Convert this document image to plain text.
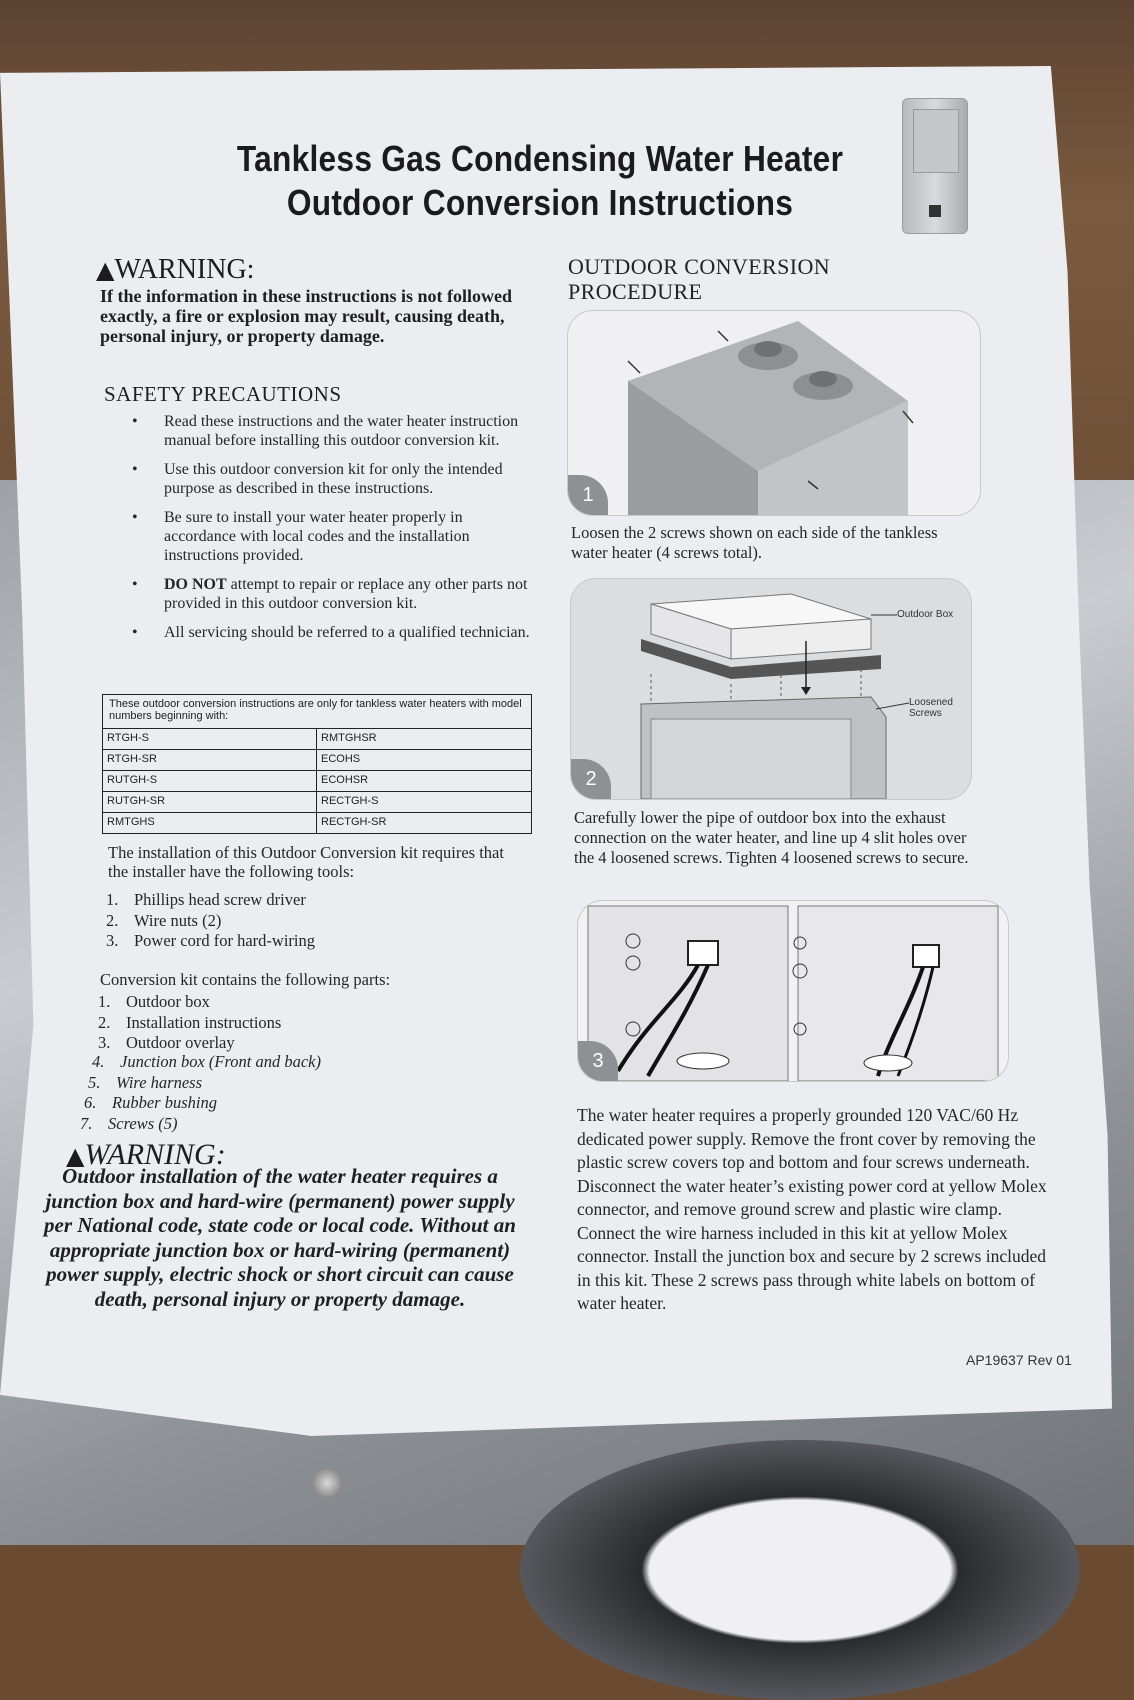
Tankless Gas Condensing Water Heater
Outdoor Conversion Instructions
▲WARNING:
If the information in these instructions is not followed exactly, a fire or explosion may result, causing death, personal injury, or property damage.
SAFETY PRECAUTIONS
• Read these instructions and the water heater instruction manual before installing this outdoor conversion kit.
• Use this outdoor conversion kit for only the intended purpose as described in these instructions.
• Be sure to install your water heater properly in accordance with local codes and the installation instructions provided.
• DO NOT attempt to repair or replace any other parts not provided in this outdoor conversion kit.
• All servicing should be referred to a qualified technician.
These outdoor conversion instructions are only for tankless water heaters with model numbers beginning with:
RTGH-S	RMTGHSR
RTGH-SR	ECOHS
RUTGH-S	ECOHSR
RUTGH-SR	RECTGH-S
RMTGHS	RECTGH-SR
The installation of this Outdoor Conversion kit requires that the installer have the following tools:
1. Phillips head screw driver
2. Wire nuts (2)
3. Power cord for hard-wiring
Conversion kit contains the following parts:
1. Outdoor box
2. Installation instructions
3. Outdoor overlay
4. Junction box (Front and back)
5. Wire harness
6. Rubber bushing
7. Screws (5)
▲WARNING:
Outdoor installation of the water heater requires a junction box and hard-wire (permanent) power supply per National code, state code or local code. Without an appropriate junction box or hard-wiring (permanent) power supply, electric shock or short circuit can cause death, personal injury or property damage.
OUTDOOR CONVERSION
PROCEDURE
1
Loosen the 2 screws shown on each side of the tankless water heater (4 screws total).
Outdoor Box
Loosened
Screws
2
Carefully lower the pipe of outdoor box into the exhaust connection on the water heater, and line up 4 slit holes over the 4 loosened screws. Tighten 4 loosened screws to secure.
3
The water heater requires a properly grounded 120 VAC/60 Hz dedicated power supply. Remove the front cover by removing the plastic screw covers top and bottom and four screws underneath. Disconnect the water heater’s existing power cord at yellow Molex connector, and remove ground screw and plastic wire clamp. Connect the wire harness included in this kit at yellow Molex connector. Install the junction box and secure by 2 screws included in this kit. These 2 screws pass through white labels on bottom of water heater.
AP19637 Rev 01
